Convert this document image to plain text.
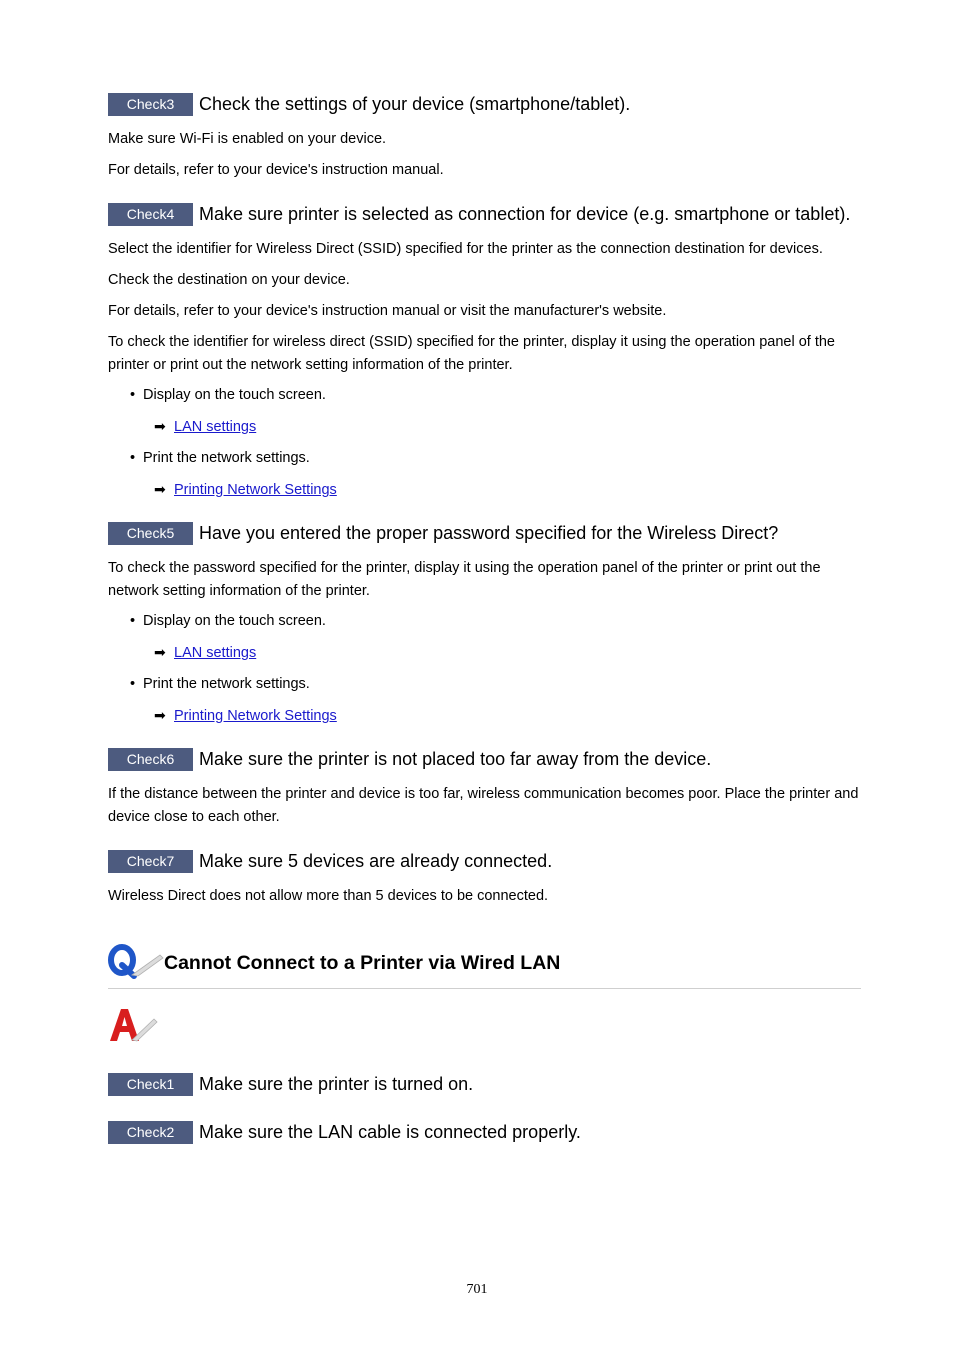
Check3 Check the settings of your device (smartphone/tablet).

Make sure Wi-Fi is enabled on your device.

For details, refer to your device's instruction manual.

Check4 Make sure printer is selected as connection for device (e.g. smartphone or tablet).

Select the identifier for Wireless Direct (SSID) specified for the printer as the connection destination for devices.

Check the destination on your device.

For details, refer to your device's instruction manual or visit the manufacturer's website.

To check the identifier for wireless direct (SSID) specified for the printer, display it using the operation panel of the printer or print out the network setting information of the printer.

• Display on the touch screen.
➡ LAN settings
• Print the network settings.
➡ Printing Network Settings
Check5 Have you entered the proper password specified for the Wireless Direct?

To check the password specified for the printer, display it using the operation panel of the printer or print out the network setting information of the printer.

• Display on the touch screen.
➡ LAN settings
• Print the network settings.
➡ Printing Network Settings
Check6 Make sure the printer is not placed too far away from the device.

If the distance between the printer and device is too far, wireless communication becomes poor. Place the printer and device close to each other.

Check7 Make sure 5 devices are already connected.

Wireless Direct does not allow more than 5 devices to be connected.

Cannot Connect to a Printer via Wired LAN
Check1 Make sure the printer is turned on.
Check2 Make sure the LAN cable is connected properly.
701
